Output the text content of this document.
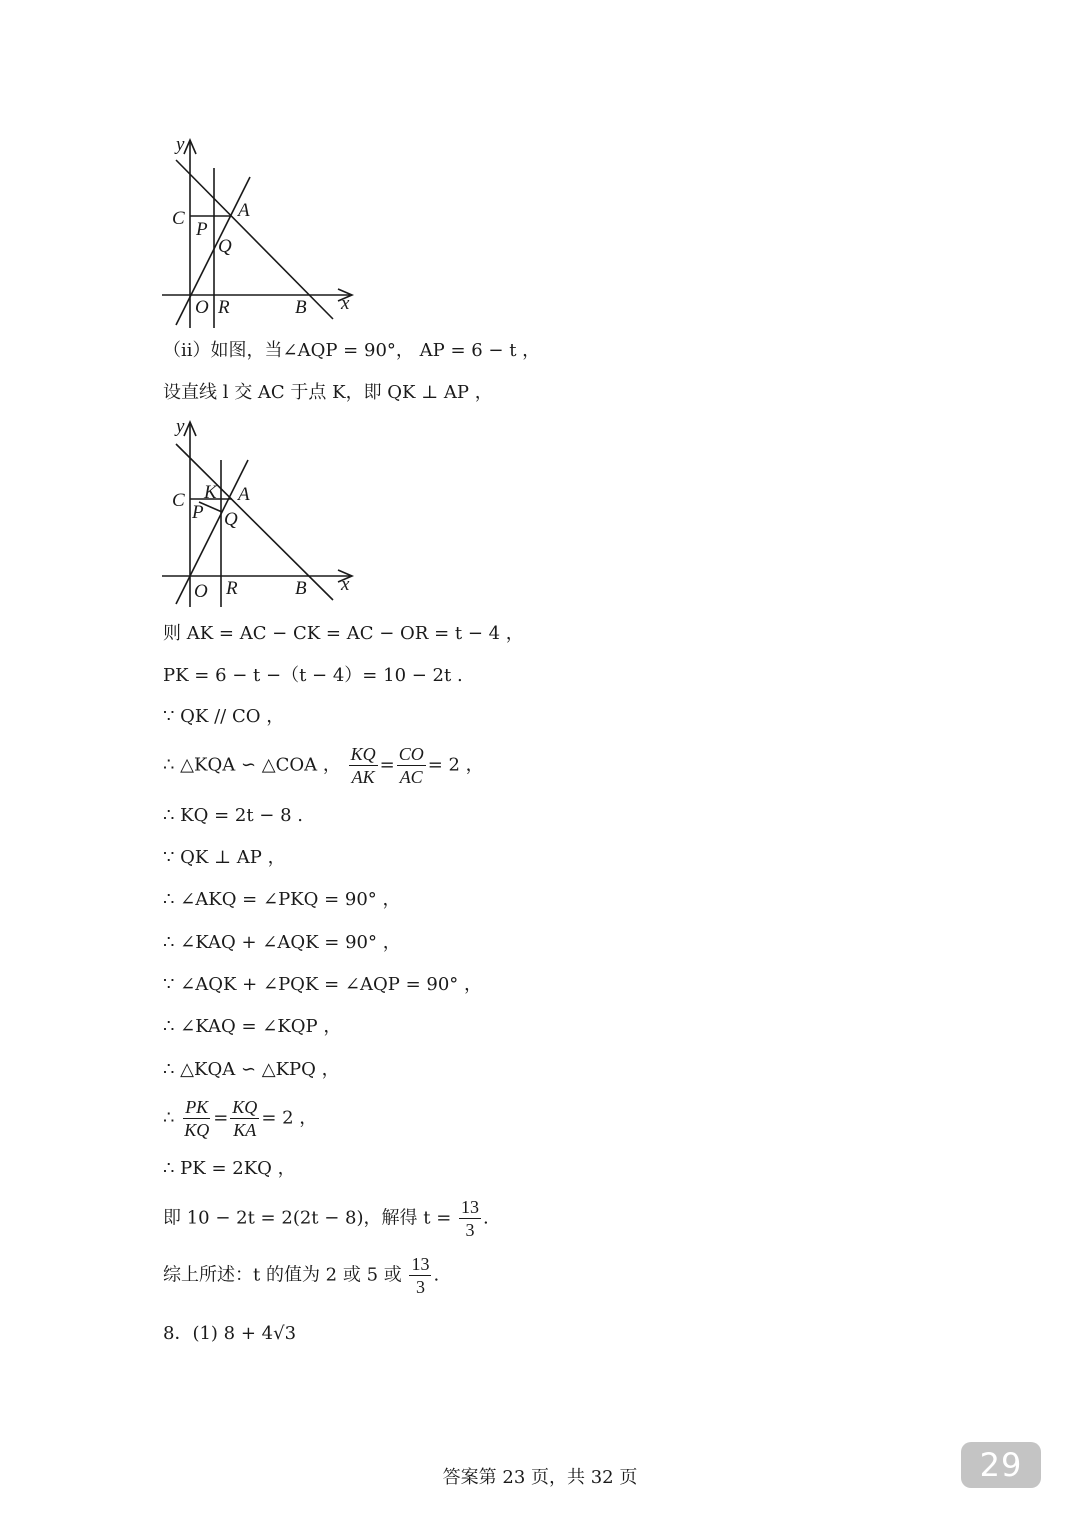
y
C	A
P
Q
O R	B x
（ii）如图，当∠AQP = 90°， AP = 6 − t ，
设直线 l 交 AC 于点 K，即 QK ⊥ AP ，
y
C K A
P Q
O R	B x
则 AK = AC − CK = AC − OR = t − 4 ，
PK = 6 − t −（t − 4）= 10 − 2t .
∵ QK // CO ，
∴ △KQA ∽ △COA ， $\frac{KQ}{AK} = \frac{CO}{AC} = 2$ ，
∴ KQ = 2t − 8 .
∵ QK ⊥ AP ，
∴ ∠AKQ = ∠PKQ = 90° ，
∴ ∠KAQ + ∠AQK = 90° ，
∵ ∠AQK + ∠PQK = ∠AQP = 90° ，
∴ ∠KAQ = ∠KQP ，
∴ △KQA ∽ △KPQ ，
∴ $\frac{PK}{KQ} = \frac{KQ}{KA} = 2$ ，
∴ PK = 2KQ ，
即 10 − 2t = 2(2t − 8)，解得 $t = \frac{13}{3}$ .
综上所述：t 的值为 2 或 5 或 $\frac{13}{3}$ .
8．(1) 8 + 4√3
答案第 23 页，共 32 页	29
